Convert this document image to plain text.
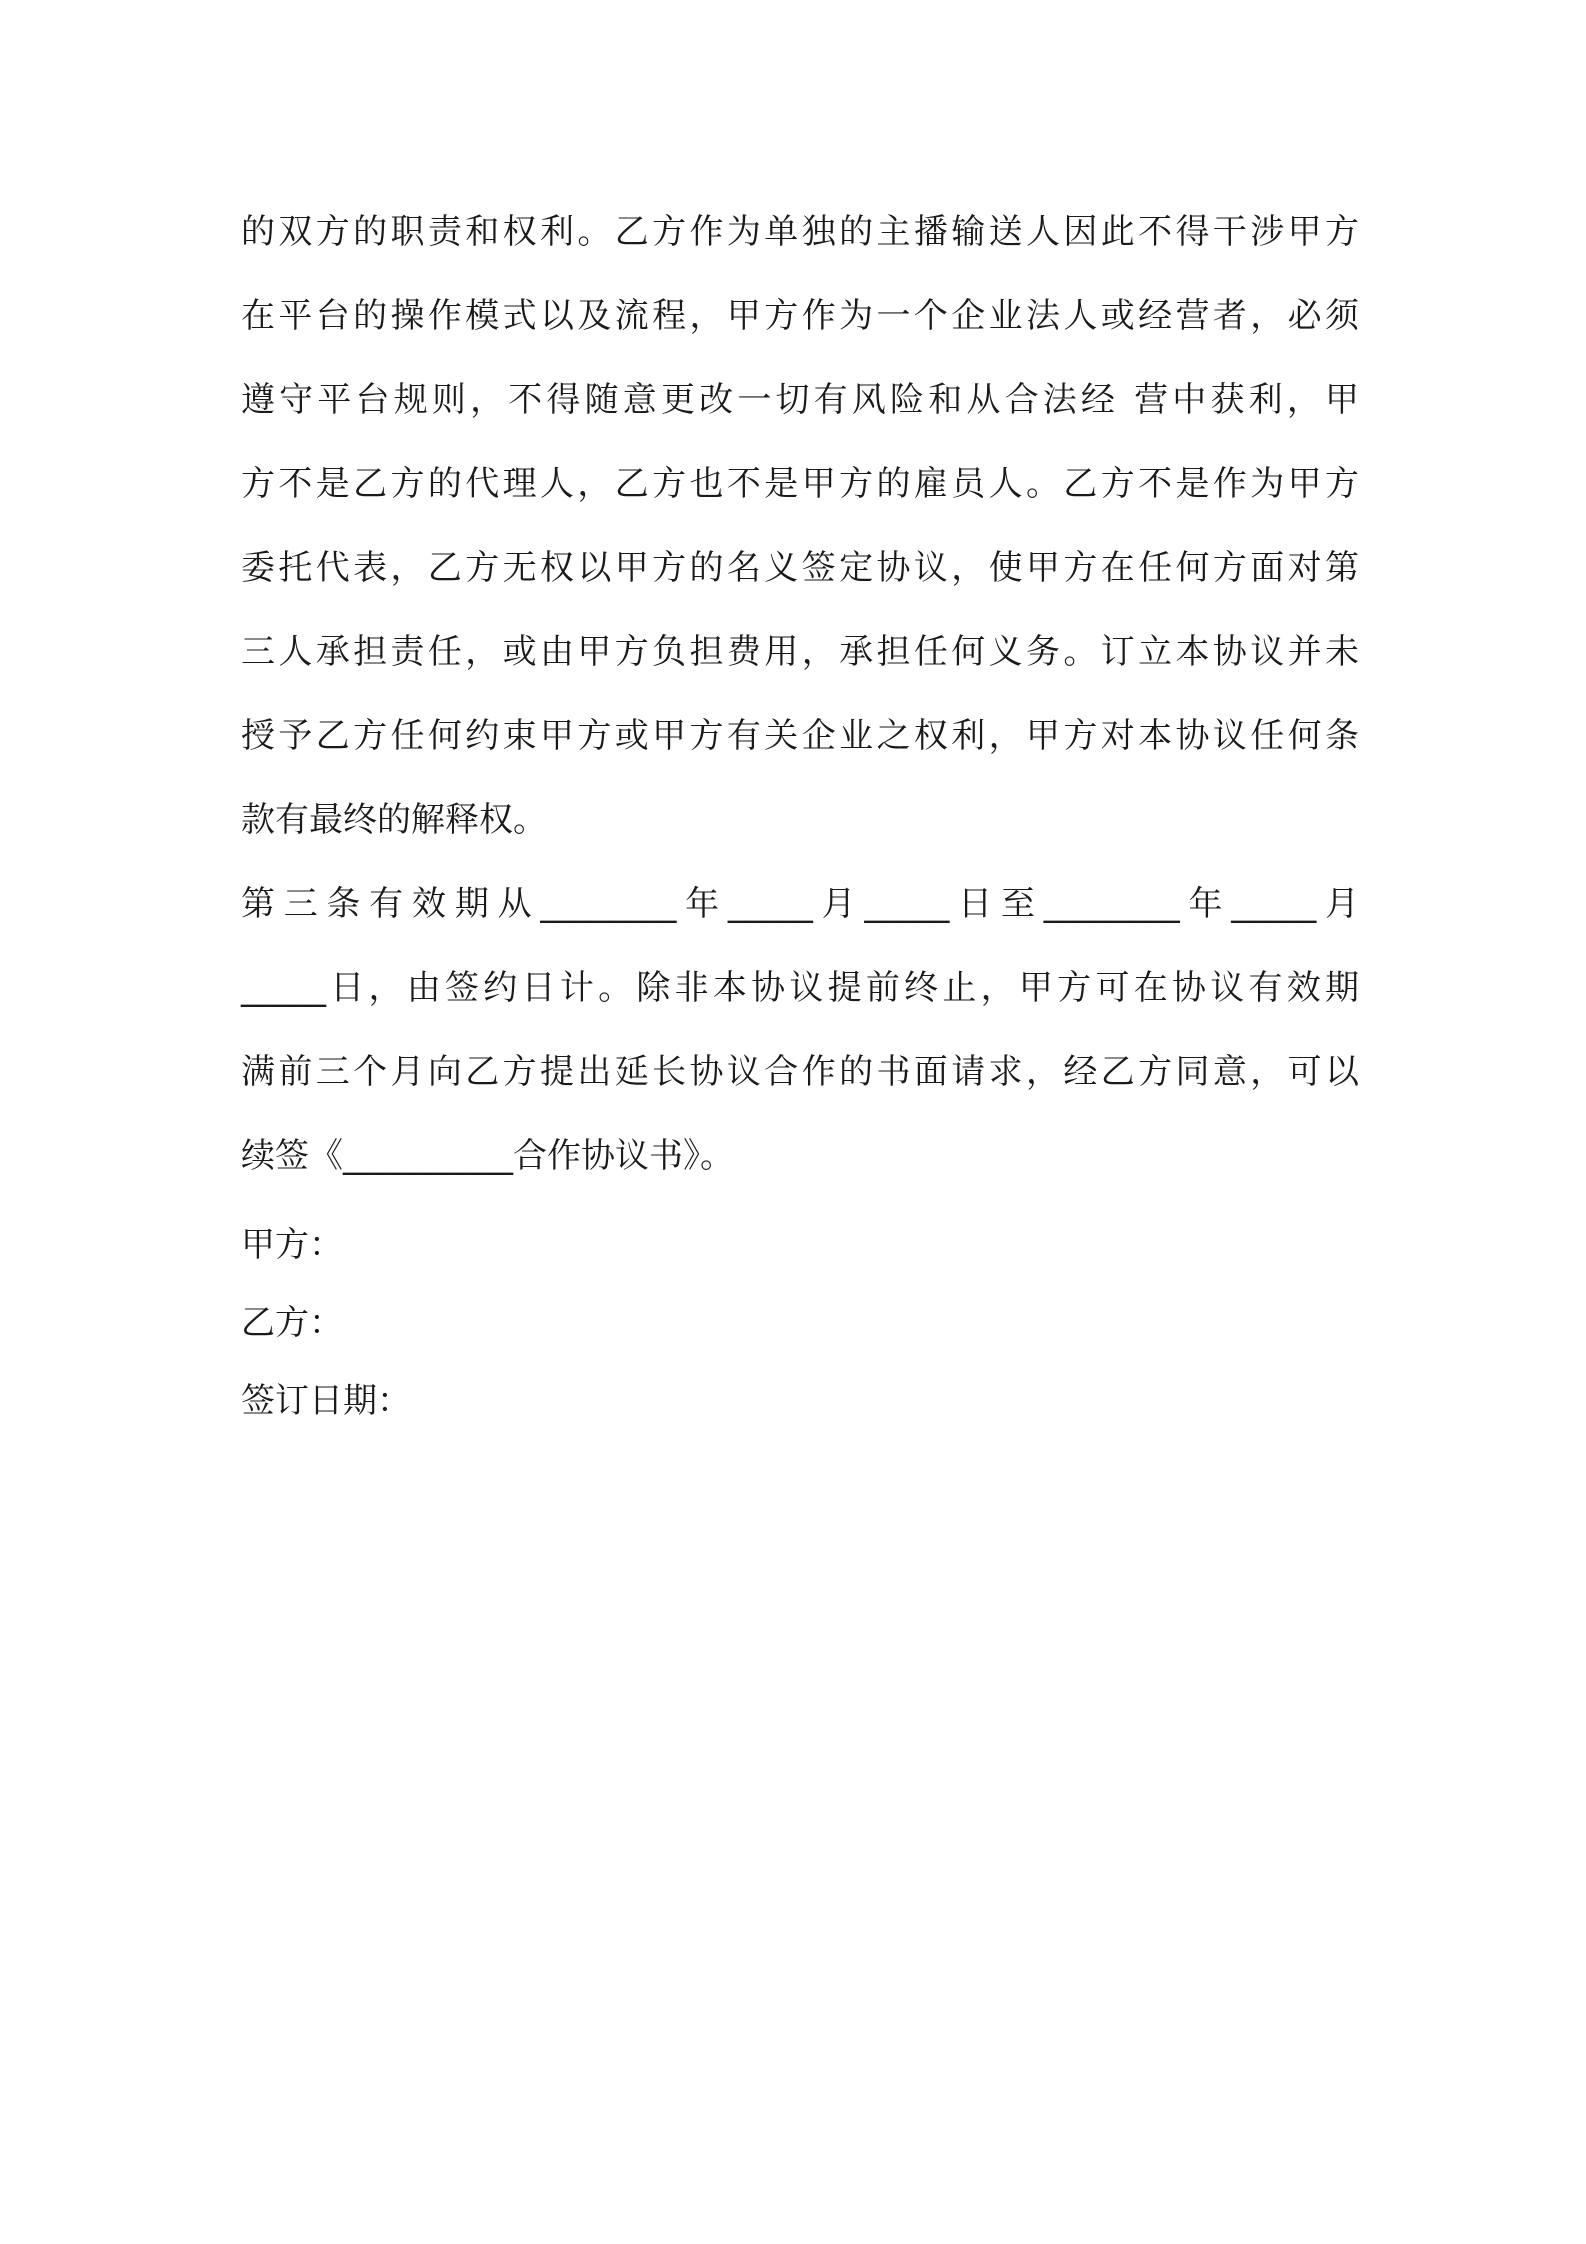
的双方的职责和权利。乙方作为单独的主播输送人因此不得干涉甲方
在平台的操作模式以及流程，甲方作为一个企业法人或经营者，必须
遵守平台规则，不得随意更改一切有风险和从合法经 营中获利，甲
方不是乙方的代理人，乙方也不是甲方的雇员人。乙方不是作为甲方
委托代表，乙方无权以甲方的名义签定协议，使甲方在任何方面对第
三人承担责任，或由甲方负担费用，承担任何义务。订立本协议并未
授予乙方任何约束甲方或甲方有关企业之权利，甲方对本协议任何条
款有最终的解释权。
第三条有效期从________年_____月_____日至________年_____月
_____日，由签约日计。除非本协议提前终止，甲方可在协议有效期
满前三个月向乙方提出延长协议合作的书面请求，经乙方同意，可以
续签《__________合作协议书》。
甲方：
乙方：
签订日期：
